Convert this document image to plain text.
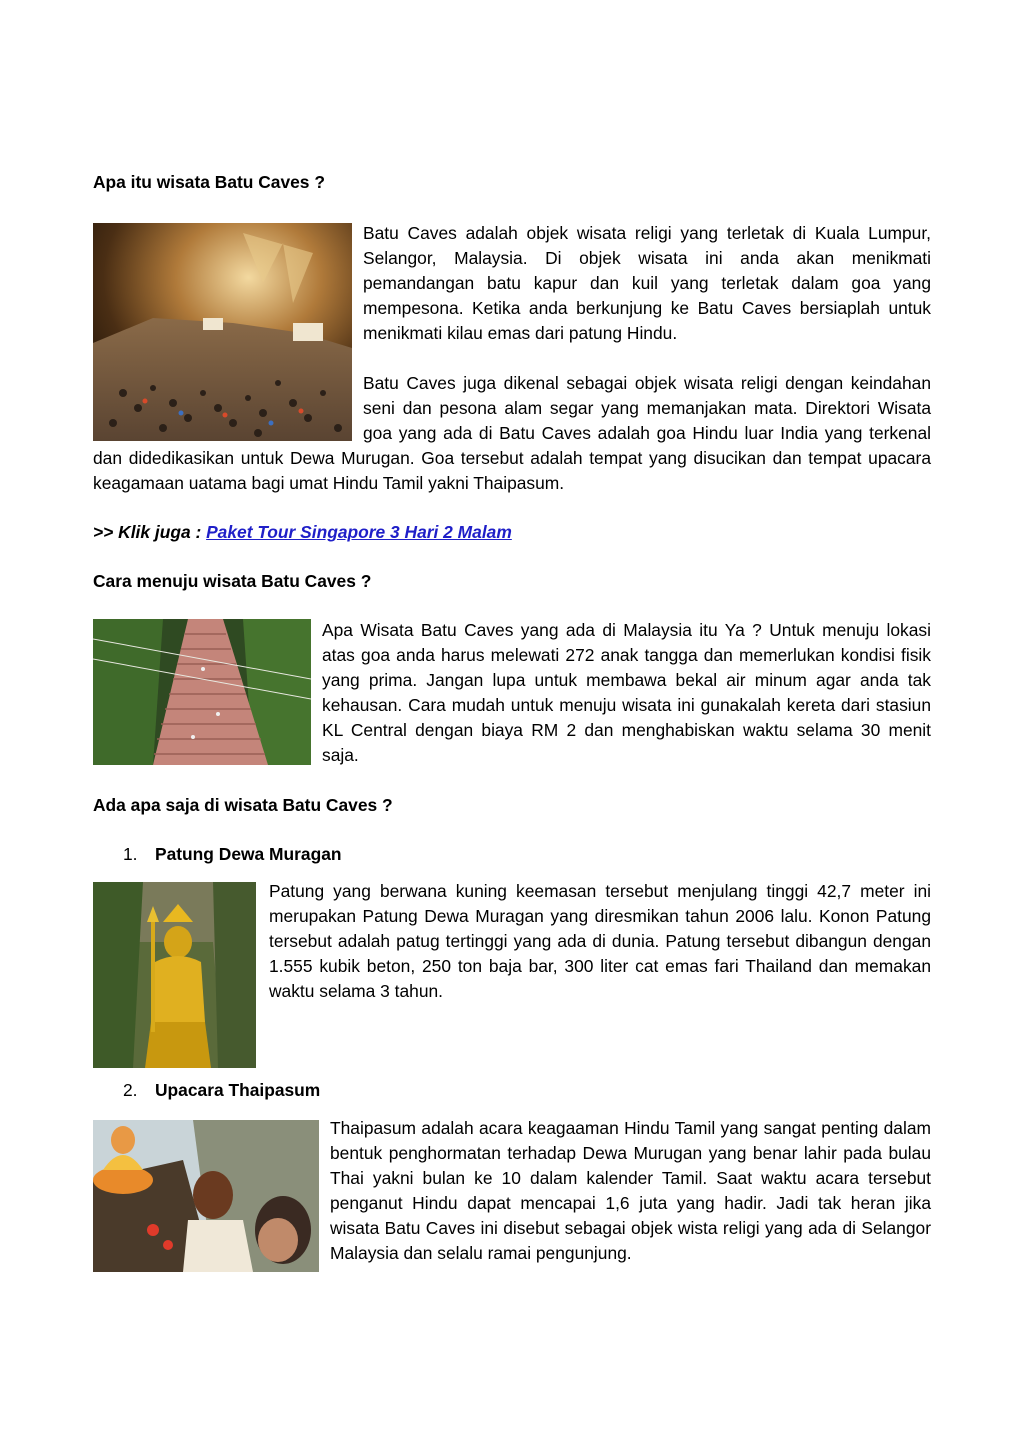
Apa itu wisata Batu Caves ?

Batu Caves adalah objek wisata religi yang terletak di Kuala Lumpur, Selangor, Malaysia. Di objek wisata ini anda akan menikmati pemandangan batu kapur dan kuil yang terletak dalam goa yang mempesona. Ketika anda berkunjung ke Batu Caves bersiaplah untuk menikmati kilau emas dari patung Hindu.

Batu Caves juga dikenal sebagai objek wisata religi dengan keindahan seni dan pesona alam segar yang memanjakan mata. Direktori Wisata goa yang ada di Batu Caves adalah goa Hindu luar India yang terkenal dan didedikasikan untuk Dewa Murugan. Goa tersebut adalah tempat yang disucikan dan tempat upacara keagamaan uatama bagi umat Hindu Tamil yakni Thaipasum.

>> Klik juga : Paket Tour Singapore 3 Hari 2 Malam

Cara menuju wisata Batu Caves ?

Apa Wisata Batu Caves yang ada di Malaysia itu Ya ? Untuk menuju lokasi atas goa anda harus melewati 272 anak tangga dan memerlukan kondisi fisik yang prima. Jangan lupa untuk membawa bekal air minum agar anda tak kehausan. Cara mudah untuk menuju wisata ini gunakalah kereta dari stasiun KL Central dengan biaya RM 2 dan menghabiskan waktu selama 30 menit saja.

Ada apa saja di wisata Batu Caves ?

1. Patung Dewa Muragan

Patung yang berwana kuning keemasan tersebut menjulang tinggi 42,7 meter ini merupakan Patung Dewa Muragan yang diresmikan tahun 2006 lalu. Konon Patung tersebut adalah patug tertinggi yang ada di dunia. Patung tersebut dibangun dengan 1.555 kubik beton, 250 ton baja bar, 300 liter cat emas fari Thailand dan memakan waktu selama 3 tahun.

2. Upacara Thaipasum

Thaipasum adalah acara keagaaman Hindu Tamil yang sangat penting dalam bentuk penghormatan terhadap Dewa Murugan yang benar lahir pada bulau Thai yakni bulan ke 10 dalam kalender Tamil. Saat waktu acara tersebut penganut Hindu dapat mencapai 1,6 juta yang hadir. Jadi tak heran jika wisata Batu Caves ini disebut sebagai objek wista religi yang ada di Selangor Malaysia dan selalu ramai pengunjung.
